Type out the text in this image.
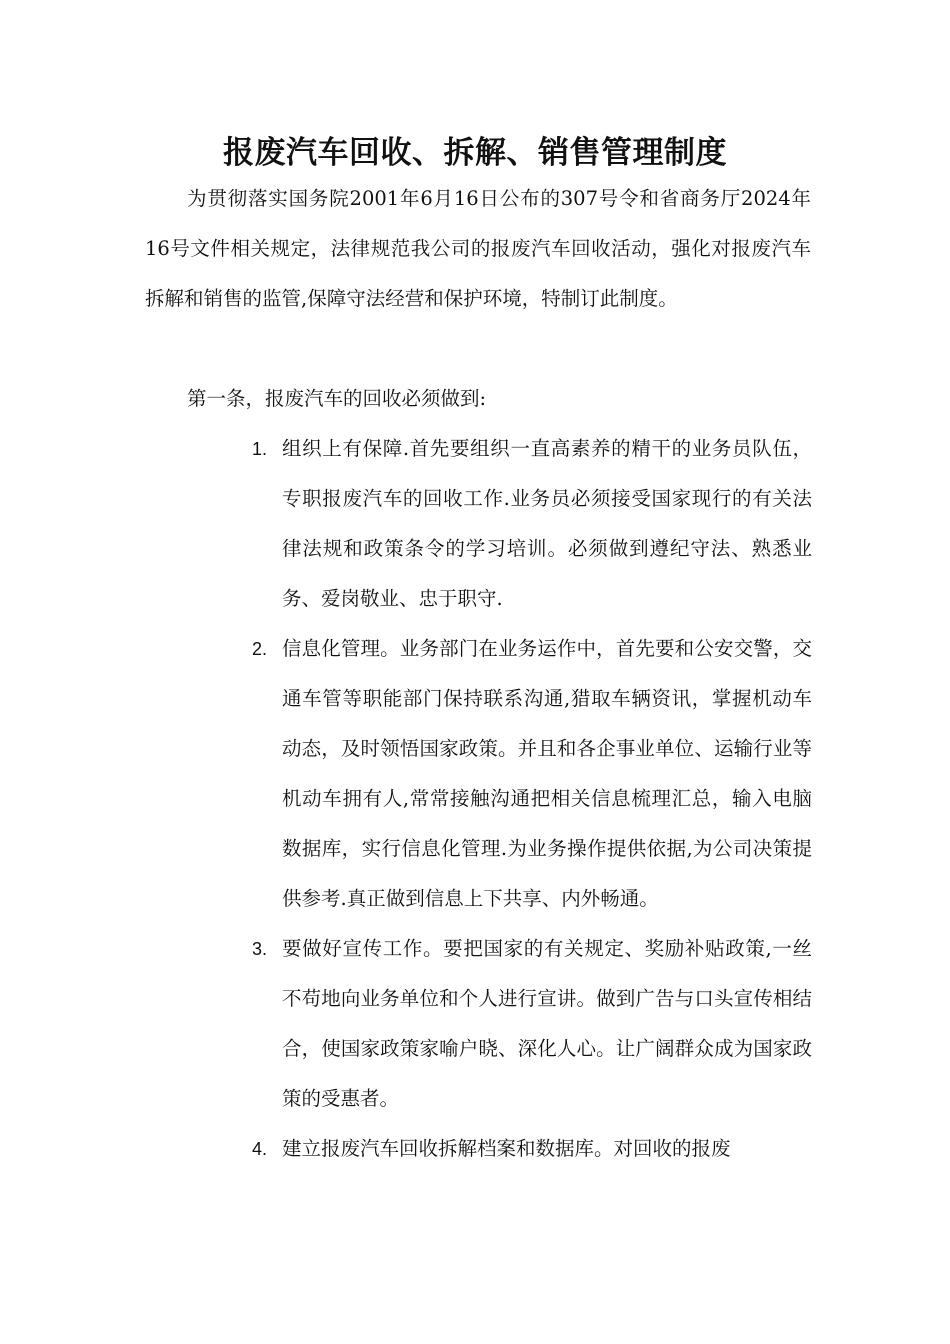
报废汽车回收、拆解、销售管理制度

为贯彻落实国务院2001年6月16日公布的307号令和省商务厅2024年16号文件相关规定，法律规范我公司的报废汽车回收活动，强化对报废汽车拆解和销售的监管,保障守法经营和保护环境，特制订此制度。

第一条，报废汽车的回收必须做到:

1. 组织上有保障.首先要组织一直高素养的精干的业务员队伍，专职报废汽车的回收工作.业务员必须接受国家现行的有关法律法规和政策条令的学习培训。必须做到遵纪守法、熟悉业务、爱岗敬业、忠于职守.
2. 信息化管理。业务部门在业务运作中，首先要和公安交警，交通车管等职能部门保持联系沟通,猎取车辆资讯，掌握机动车动态，及时领悟国家政策。并且和各企事业单位、运输行业等机动车拥有人,常常接触沟通把相关信息梳理汇总，输入电脑数据库，实行信息化管理.为业务操作提供依据,为公司决策提供参考.真正做到信息上下共享、内外畅通。
3. 要做好宣传工作。要把国家的有关规定、奖励补贴政策,一丝不苟地向业务单位和个人进行宣讲。做到广告与口头宣传相结合，使国家政策家喻户晓、深化人心。让广阔群众成为国家政策的受惠者。
4. 建立报废汽车回收拆解档案和数据库。对回收的报废
